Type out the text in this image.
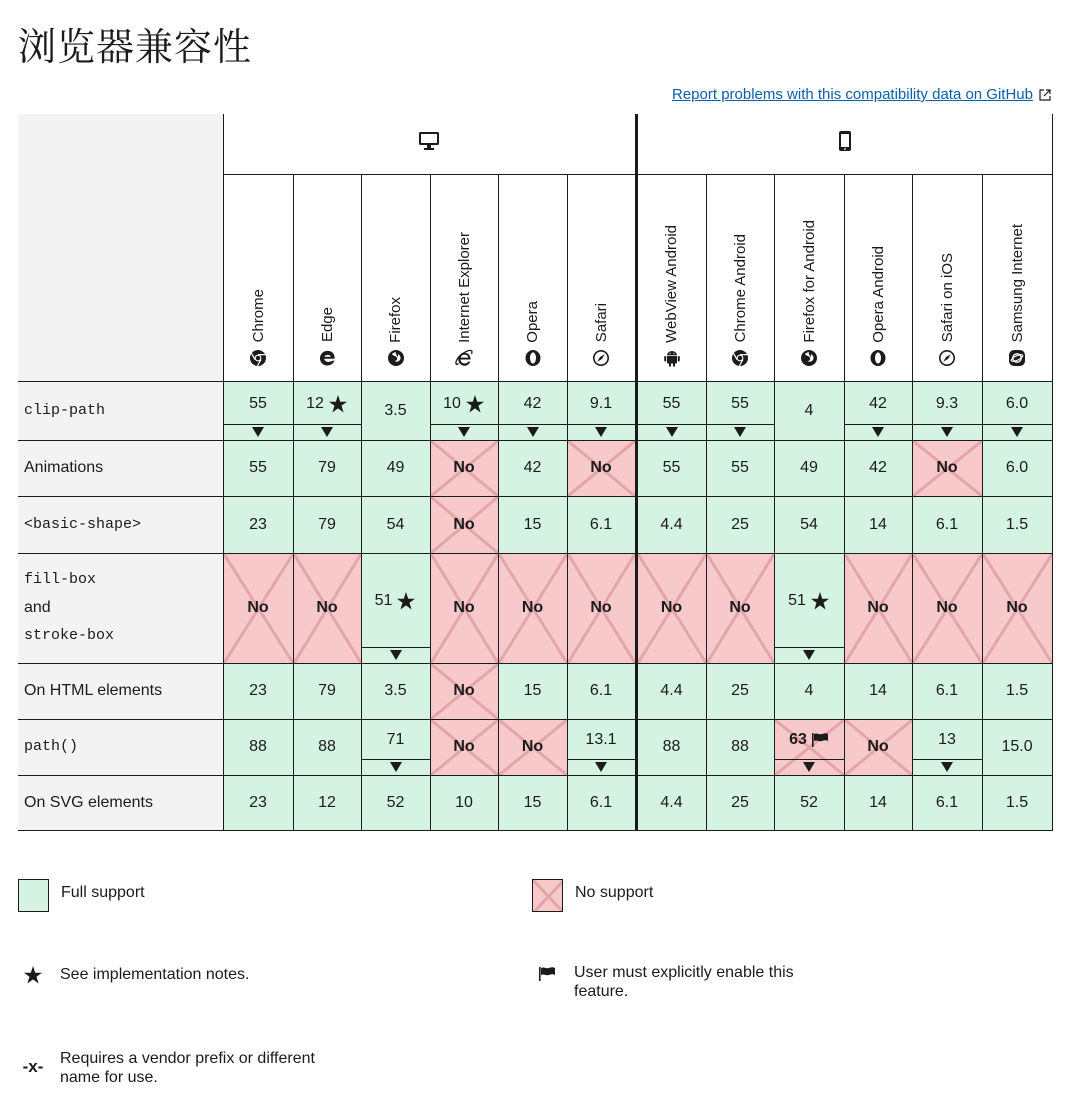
浏览器兼容性
Report problems with this compatibility data on GitHub

	Chrome	Edge	Firefox	Internet Explorer	Opera	Safari	WebView Android	Chrome Android	Firefox for Android	Opera Android	Safari on iOS	Samsung Internet

clip-path	55	12	3.5	10	42	9.1	55	55	4	42	9.3	6.0

Animations	55	79	49	No	42	No	55	55	49	42	No	6.0

<basic-shape>	23	79	54	No	15	6.1	4.4	25	54	14	6.1	1.5

fill-box
and
stroke-box	No	No	51	No	No	No	No	No	51	No	No	No

On HTML elements	23	79	3.5	No	15	6.1	4.4	25	4	14	6.1	1.5

path()	88	88	71	No	No	13.1	88	88	63	No	13	15.0

On SVG elements	23	12	52	10	15	6.1	4.4	25	52	14	6.1	1.5
Full support	No support
See implementation notes.	User must explicitly enable this feature.
-x- Requires a vendor prefix or different name for use.
